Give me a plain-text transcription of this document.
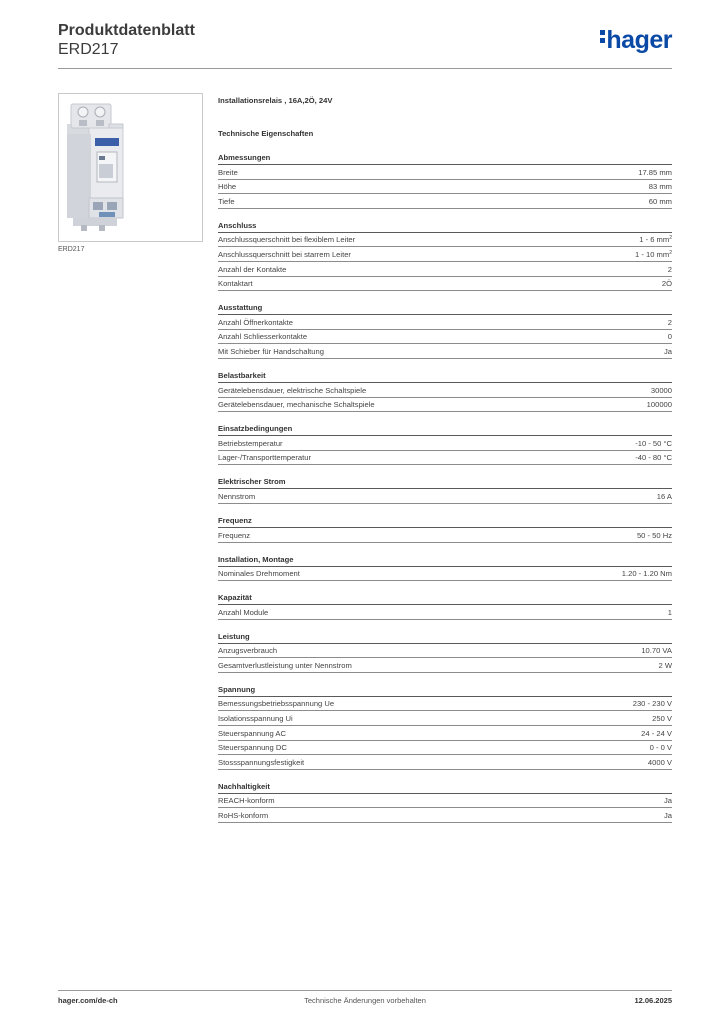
Produktdatenblatt
ERD217	hager
ERD217
Installationsrelais , 16A,2Ö, 24V
Technische Eigenschaften
Abmessungen
Breite	17.85 mm
Höhe	83 mm
Tiefe	60 mm
Anschluss
Anschlussquerschnitt bei flexiblem Leiter	1 - 6 $mm^2$
Anschlussquerschnitt bei starrem Leiter	1 - 10 $mm^2$
Anzahl der Kontakte	2
Kontaktart	2Ö
Ausstattung
Anzahl Öffnerkontakte	2
Anzahl Schliesserkontakte	0
Mit Schieber für Handschaltung	Ja
Belastbarkeit
Gerätelebensdauer, elektrische Schaltspiele	30000
Gerätelebensdauer, mechanische Schaltspiele	100000
Einsatzbedingungen
Betriebstemperatur	-10 - 50 °C
Lager-/Transporttemperatur	-40 - 80 °C
Elektrischer Strom
Nennstrom	16 A
Frequenz
Frequenz	50 - 50 Hz
Installation, Montage
Nominales Drehmoment	1.20 - 1.20 Nm
Kapazität
Anzahl Module	1
Leistung
Anzugsverbrauch	10.70 VA
Gesamtverlustleistung unter Nennstrom	2 W
Spannung
Bemessungsbetriebsspannung Ue	230 - 230 V
Isolationsspannung Ui	250 V
Steuerspannung AC	24 - 24 V
Steuerspannung DC	0 - 0 V
Stossspannungsfestigkeit	4000 V
Nachhaltigkeit
REACH-konform	Ja
RoHS-konform	Ja
hager.com/de-ch	Technische Änderungen vorbehalten	12.06.2025
